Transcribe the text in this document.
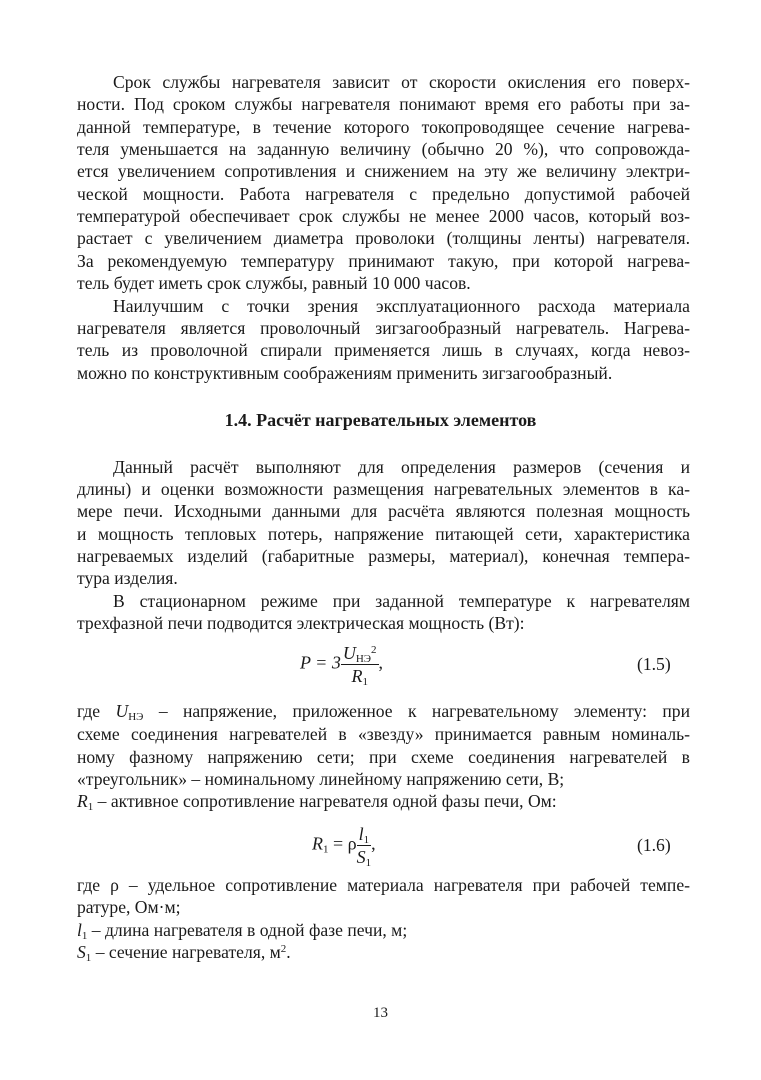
Срок службы нагревателя зависит от скорости окисления его поверх-
ности. Под сроком службы нагревателя понимают время его работы при за-
данной температуре, в течение которого токопроводящее сечение нагрева-
теля уменьшается на заданную величину (обычно 20 %), что сопровожда-
ется увеличением сопротивления и снижением на эту же величину электри-
ческой мощности. Работа нагревателя с предельно допустимой рабочей
температурой обеспечивает срок службы не менее 2000 часов, который воз-
растает с увеличением диаметра проволоки (толщины ленты) нагревателя.
За рекомендуемую температуру принимают такую, при которой нагрева-
тель будет иметь срок службы, равный 10 000 часов.
Наилучшим с точки зрения эксплуатационного расхода материала
нагревателя является проволочный зигзагообразный нагреватель. Нагрева-
тель из проволочной спирали применяется лишь в случаях, когда невоз-
можно по конструктивным соображениям применить зигзагообразный.
1.4. Расчёт нагревательных элементов
Данный расчёт выполняют для определения размеров (сечения и
длины) и оценки возможности размещения нагревательных элементов в ка-
мере печи. Исходными данными для расчёта являются полезная мощность
и мощность тепловых потерь, напряжение питающей сети, характеристика
нагреваемых изделий (габаритные размеры, материал), конечная темпера-
тура изделия.
В стационарном режиме при заданной температуре к нагревателям
трехфазной печи подводится электрическая мощность (Вт):
$P = 3 \frac{U_{НЭ}^2}{R_1}$ ,	(1.5)
где $U_{НЭ}$ – напряжение, приложенное к нагревательному элементу: при
схеме соединения нагревателей в «звезду» принимается равным номиналь-
ному фазному напряжению сети; при схеме соединения нагревателей в
«треугольник» – номинальному линейному напряжению сети, В;
$R_1$ – активное сопротивление нагревателя одной фазы печи, Ом:
$R_1 = \rho \frac{l_1}{S_1}$ ,	(1.6)
где ρ – удельное сопротивление материала нагревателя при рабочей темпе-
ратуре, Ом·м;
$l_1$ – длина нагревателя в одной фазе печи, м;
$S_1$ – сечение нагревателя, $м^2$.
13
